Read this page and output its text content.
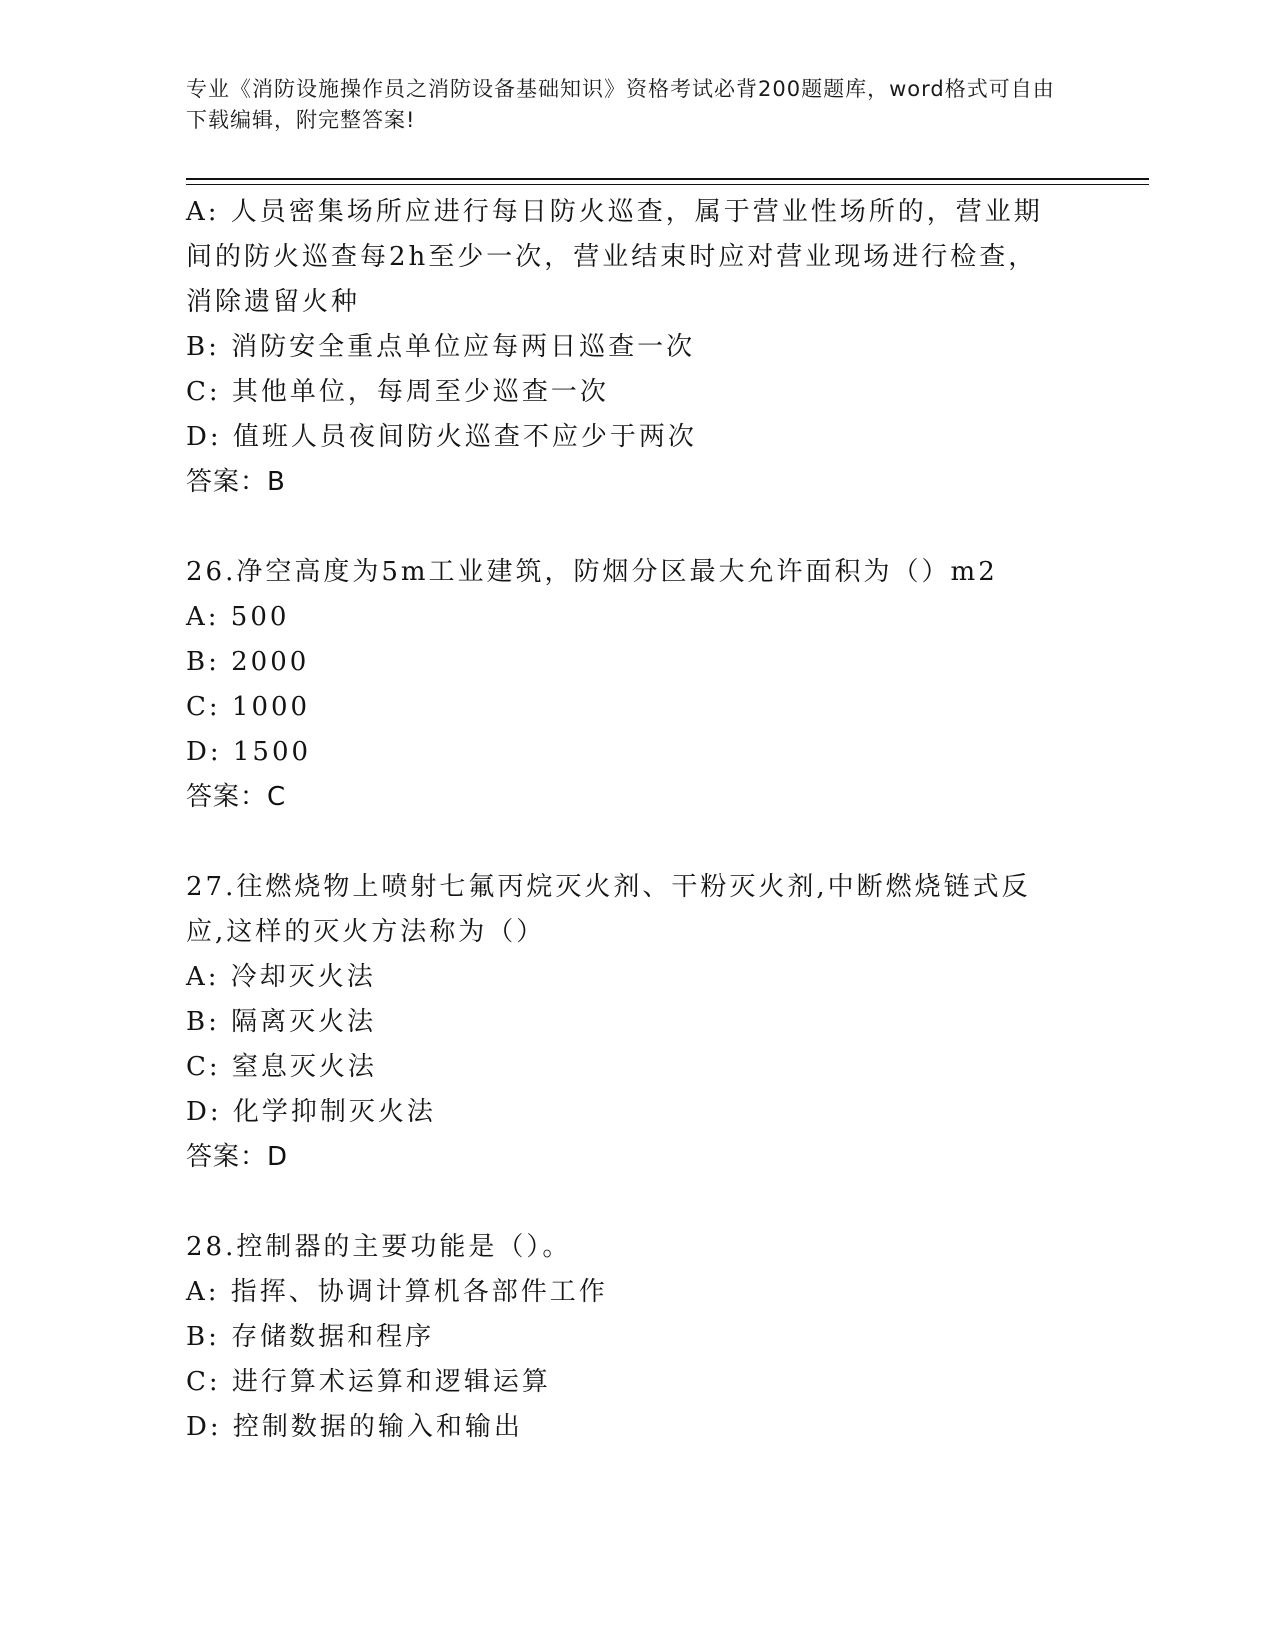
专业《消防设施操作员之消防设备基础知识》资格考试必背200题题库，word格式可自由下载编辑，附完整答案!
A: 人员密集场所应进行每日防火巡查，属于营业性场所的，营业期间的防火巡查每2h至少一次，营业结束时应对营业现场进行检查，消除遗留火种
B: 消防安全重点单位应每两日巡查一次
C: 其他单位，每周至少巡查一次
D: 值班人员夜间防火巡查不应少于两次
答案：B
26.净空高度为5m工业建筑，防烟分区最大允许面积为（）m2
A: 500
B: 2000
C: 1000
D: 1500
答案：C
27.往燃烧物上喷射七氟丙烷灭火剂、干粉灭火剂,中断燃烧链式反应,这样的灭火方法称为（）
A: 冷却灭火法
B: 隔离灭火法
C: 窒息灭火法
D: 化学抑制灭火法
答案：D
28.控制器的主要功能是（）。
A: 指挥、协调计算机各部件工作
B: 存储数据和程序
C: 进行算术运算和逻辑运算
D: 控制数据的输入和输出
